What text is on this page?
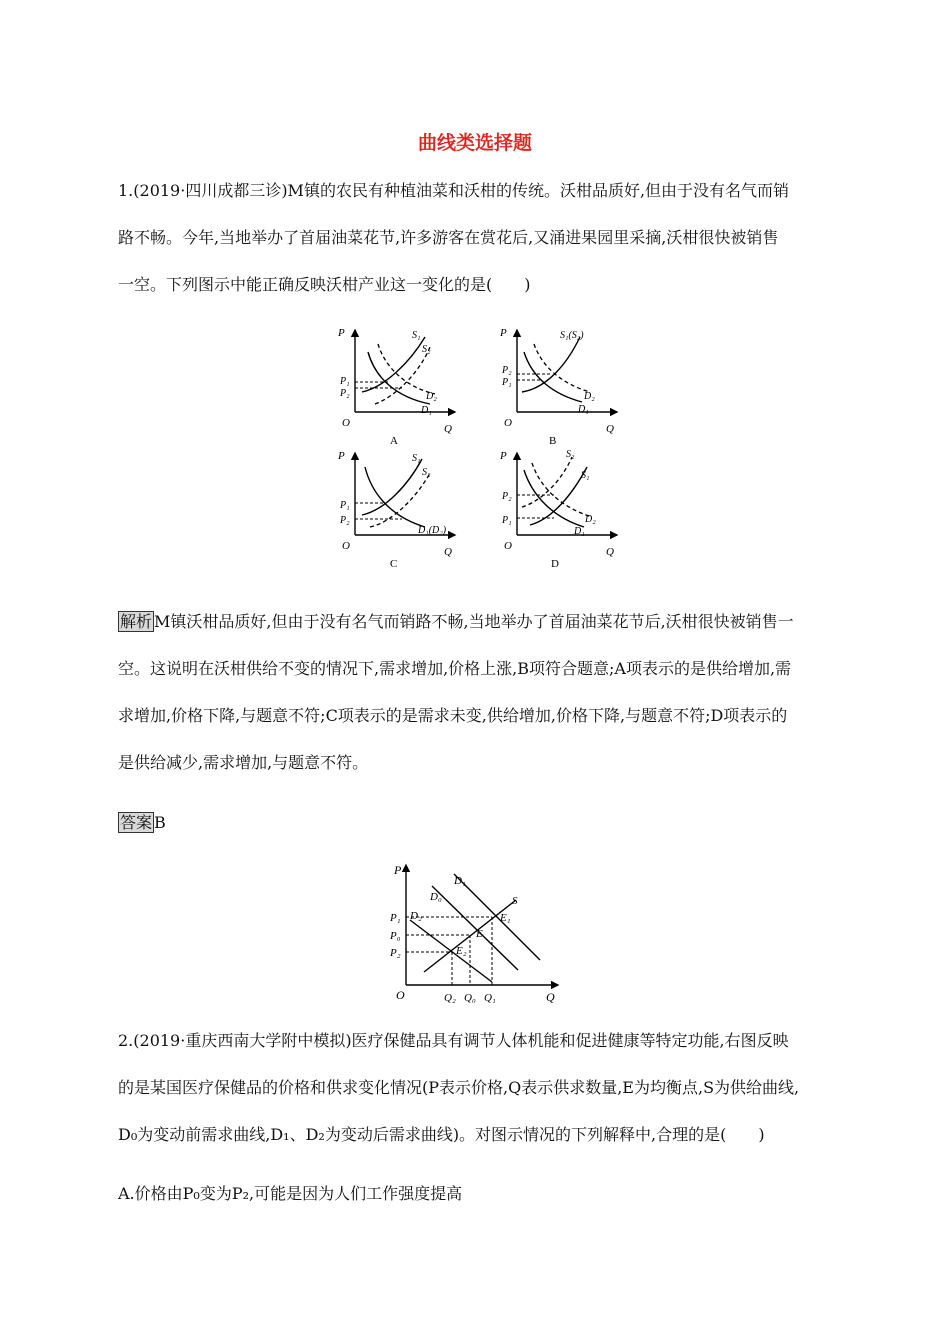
曲线类选择题
1.(2019·四川成都三诊)M镇的农民有种植油菜和沃柑的传统。沃柑品质好,但由于没有名气而销
路不畅。今年,当地举办了首届油菜花节,许多游客在赏花后,又涌进果园里采摘,沃柑很快被销售
一空。下列图示中能正确反映沃柑产业这一变化的是(　　)
P
Q
O
S₁
S₂
D₂
D₁
P₁
P₂
A
P
Q
O
S₁(S₂)
D₂
D₁
P₂
P₁
B
P
Q
O
S₁
S₂
D₁(D₂)
P₁
P₂
C
P
Q
O
S₂
S₁
D₂
D₁
P₂
P₁
D
解析 M镇沃柑品质好,但由于没有名气而销路不畅,当地举办了首届油菜花节后,沃柑很快被销售一
空。这说明在沃柑供给不变的情况下,需求增加,价格上涨,B项符合题意;A项表示的是供给增加,需
求增加,价格下降,与题意不符;C项表示的是需求未变,供给增加,价格下降,与题意不符;D项表示的
是供给减少,需求增加,与题意不符。
答案 B
P
Q
O
D₁
D₀
D₂
S
E₁
E
E₂
P₁
P₀
P₂
Q₂ Q₀ Q₁
2.(2019·重庆西南大学附中模拟)医疗保健品具有调节人体机能和促进健康等特定功能,右图反映
的是某国医疗保健品的价格和供求变化情况(P表示价格,Q表示供求数量,E为均衡点,S为供给曲线,
D₀为变动前需求曲线,D₁、D₂为变动后需求曲线)。对图示情况的下列解释中,合理的是(　　)
A.价格由P₀变为P₂,可能是因为人们工作强度提高
